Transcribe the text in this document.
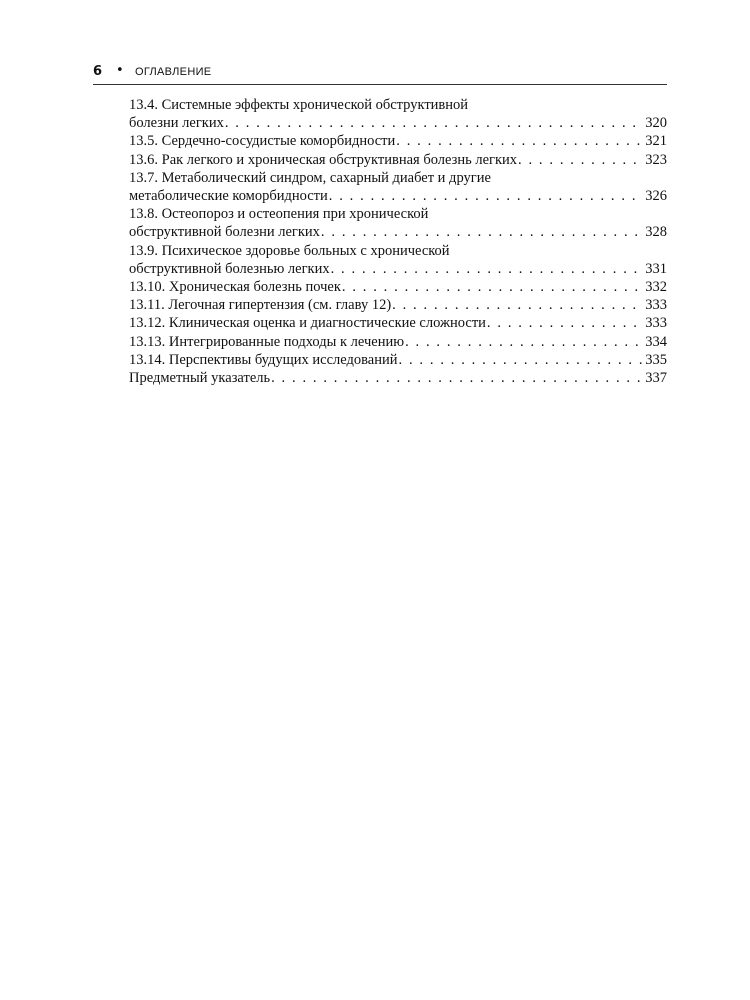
6 • ОГЛАВЛЕНИЕ
13.4. Системные эффекты хронической обструктивной
болезни легких . . .	320
13.5. Сердечно-сосудистые коморбидности . . .	321
13.6. Рак легкого и хроническая обструктивная болезнь легких . . .	323
13.7. Метаболический синдром, сахарный диабет и другие
метаболические коморбидности . . .	326
13.8. Остеопороз и остеопения при хронической
обструктивной болезни легких . . .	328
13.9. Психическое здоровье больных с хронической
обструктивной болезнью легких . . .	331
13.10. Хроническая болезнь почек . . .	332
13.11. Легочная гипертензия (см. главу 12) . . .	333
13.12. Клиническая оценка и диагностические сложности . . .	333
13.13. Интегрированные подходы к лечению . . .	334
13.14. Перспективы будущих исследований . . .	335
Предметный указатель . . .	337
